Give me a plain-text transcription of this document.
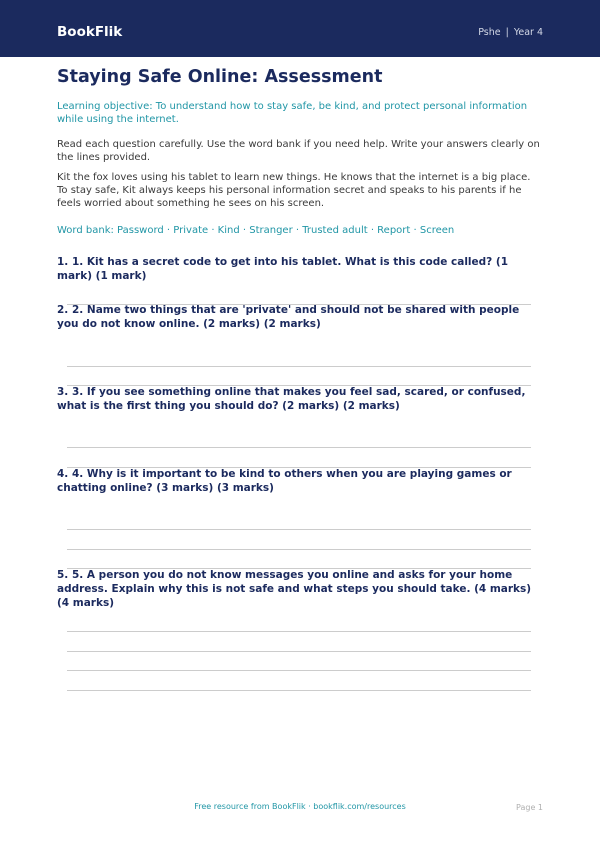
BookFlik	Pshe | Year 4
Staying Safe Online: Assessment
Learning objective: To understand how to stay safe, be kind, and protect personal information while using the internet.
Read each question carefully. Use the word bank if you need help. Write your answers clearly on the lines provided.
Kit the fox loves using his tablet to learn new things. He knows that the internet is a big place. To stay safe, Kit always keeps his personal information secret and speaks to his parents if he feels worried about something he sees on his screen.
Word bank: Password · Private · Kind · Stranger · Trusted adult · Report · Screen
1. 1. Kit has a secret code to get into his tablet. What is this code called? (1 mark) (1 mark)
2. 2. Name two things that are 'private' and should not be shared with people you do not know online. (2 marks) (2 marks)
3. 3. If you see something online that makes you feel sad, scared, or confused, what is the first thing you should do? (2 marks) (2 marks)
4. 4. Why is it important to be kind to others when you are playing games or chatting online? (3 marks) (3 marks)
5. 5. A person you do not know messages you online and asks for your home address. Explain why this is not safe and what steps you should take. (4 marks) (4 marks)
Free resource from BookFlik · bookflik.com/resources	Page 1
